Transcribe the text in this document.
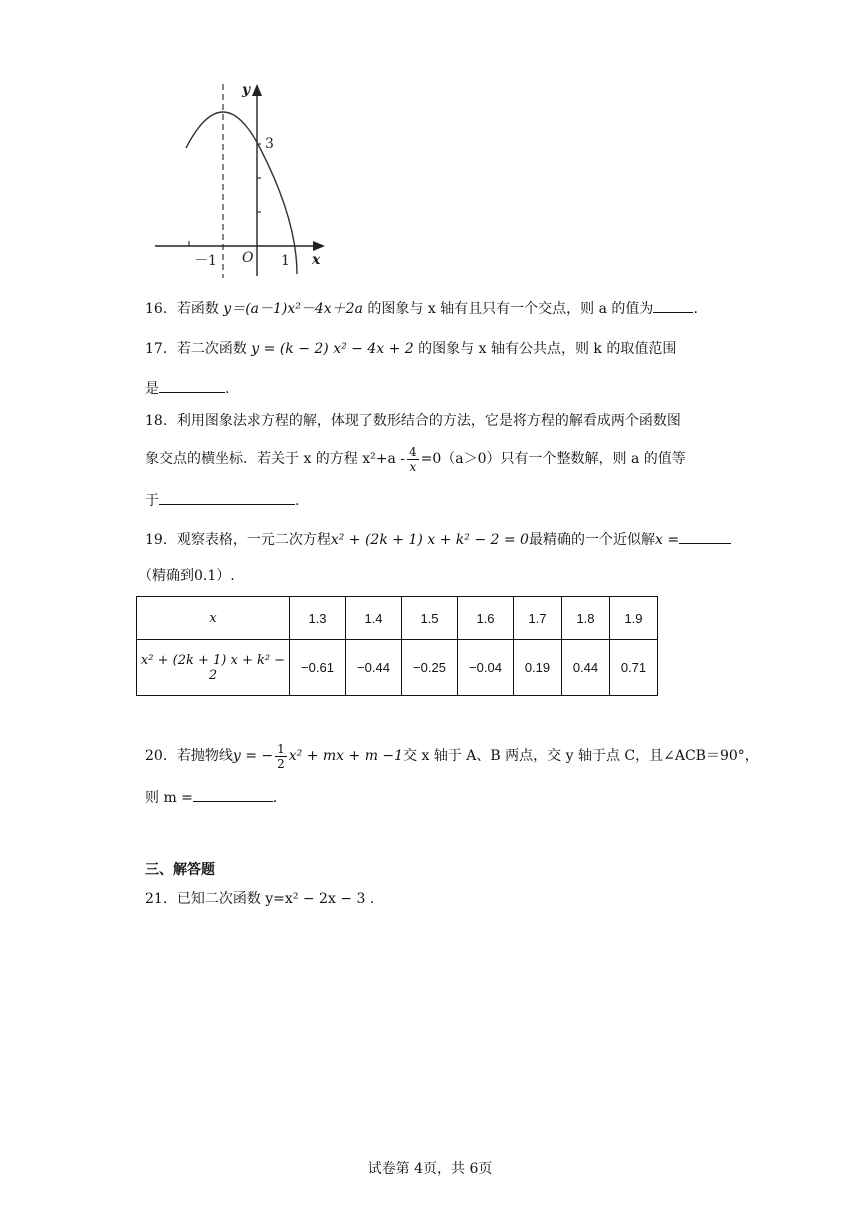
y
x
O
3
－1	1
16．若函数 y＝(a－1)x²－4x＋2a 的图象与 x 轴有且只有一个交点，则 a 的值为	.
17．若二次函数 y = (k − 2) x² − 4x + 2 的图象与 x 轴有公共点，则 k 的取值范围
是	.
18．利用图象法求方程的解，体现了数形结合的方法，它是将方程的解看成两个函数图
象交点的横坐标．若关于 x 的方程 $x^2+a - \frac{4}{x} =0(a>0)$只有一个整数解，则 a 的值等
于	.
19．观察表格，一元二次方程x² + (2k + 1) x + k² − 2 = 0最精确的一个近似解x =
（精确到0.1）.
x	1.3	1.4	1.5	1.6	1.7	1.8	1.9
x² + (2k + 1) x + k² − 2	−0.61	−0.44	−0.25	−0.04	0.19	0.44	0.71
20．若抛物线y = − $\frac{1}{2} x^2$ + mx + m −1交 x 轴于 A、B 两点，交 y 轴于点 C，且∠ACB＝90°，
则 m =	.
三、解答题
21．已知二次函数 y=x² − 2x − 3 .
试卷第 4页，共 6页
